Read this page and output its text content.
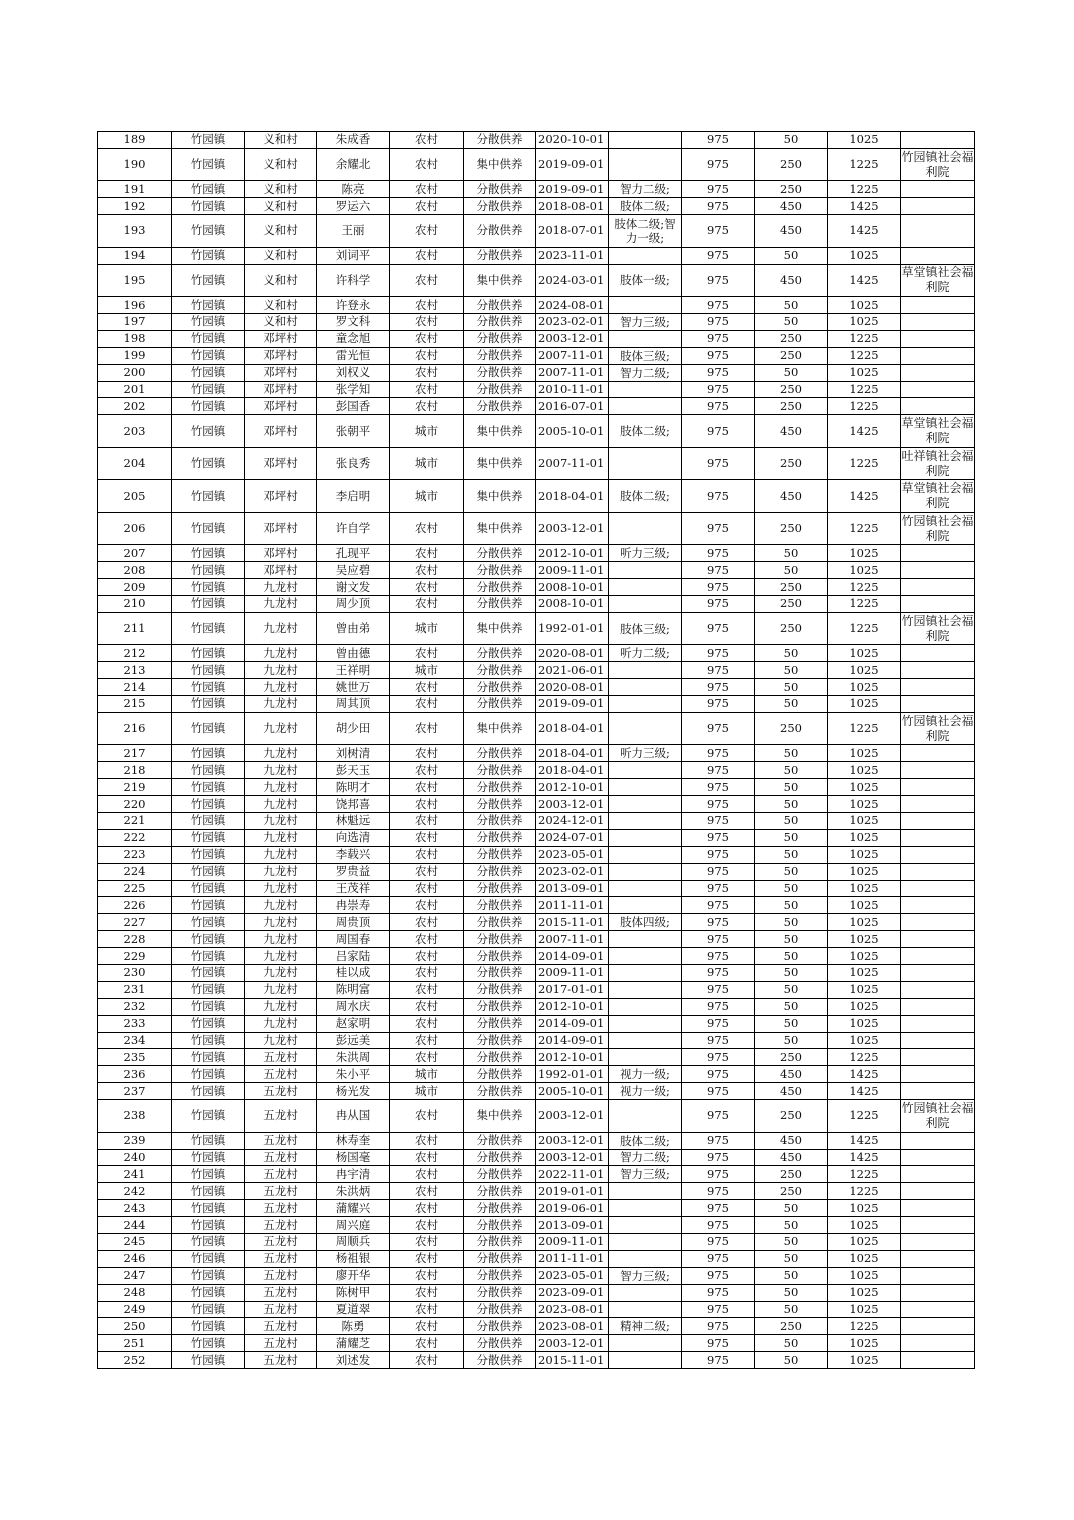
189	竹园镇	义和村	朱成香	农村	分散供养	2020-10-01		975	50	1025	
190	竹园镇	义和村	余耀北	农村	集中供养	2019-09-01		975	250	1225	竹园镇社会福利院
191	竹园镇	义和村	陈亮	农村	分散供养	2019-09-01	智力二级;	975	250	1225	
192	竹园镇	义和村	罗运六	农村	分散供养	2018-08-01	肢体二级;	975	450	1425	
193	竹园镇	义和村	王丽	农村	分散供养	2018-07-01	肢体二级;智力一级;	975	450	1425	
194	竹园镇	义和村	刘词平	农村	分散供养	2023-11-01		975	50	1025	
195	竹园镇	义和村	许科学	农村	集中供养	2024-03-01	肢体一级;	975	450	1425	草堂镇社会福利院
196	竹园镇	义和村	许登永	农村	分散供养	2024-08-01		975	50	1025	
197	竹园镇	义和村	罗文科	农村	分散供养	2023-02-01	智力三级;	975	50	1025	
198	竹园镇	邓坪村	童念旭	农村	分散供养	2003-12-01		975	250	1225	
199	竹园镇	邓坪村	雷光恒	农村	分散供养	2007-11-01	肢体三级;	975	250	1225	
200	竹园镇	邓坪村	刘权义	农村	分散供养	2007-11-01	智力二级;	975	50	1025	
201	竹园镇	邓坪村	张学知	农村	分散供养	2010-11-01		975	250	1225	
202	竹园镇	邓坪村	彭国香	农村	分散供养	2016-07-01		975	250	1225	
203	竹园镇	邓坪村	张朝平	城市	集中供养	2005-10-01	肢体二级;	975	450	1425	草堂镇社会福利院
204	竹园镇	邓坪村	张良秀	城市	集中供养	2007-11-01		975	250	1225	吐祥镇社会福利院
205	竹园镇	邓坪村	李启明	城市	集中供养	2018-04-01	肢体二级;	975	450	1425	草堂镇社会福利院
206	竹园镇	邓坪村	许自学	农村	集中供养	2003-12-01		975	250	1225	竹园镇社会福利院
207	竹园镇	邓坪村	孔现平	农村	分散供养	2012-10-01	听力三级;	975	50	1025	
208	竹园镇	邓坪村	吴应碧	农村	分散供养	2009-11-01		975	50	1025	
209	竹园镇	九龙村	谢文发	农村	分散供养	2008-10-01		975	250	1225	
210	竹园镇	九龙村	周少顶	农村	分散供养	2008-10-01		975	250	1225	
211	竹园镇	九龙村	曾由弟	城市	集中供养	1992-01-01	肢体三级;	975	250	1225	竹园镇社会福利院
212	竹园镇	九龙村	曾由德	农村	分散供养	2020-08-01	听力二级;	975	50	1025	
213	竹园镇	九龙村	王祥明	城市	分散供养	2021-06-01		975	50	1025	
214	竹园镇	九龙村	姚世万	农村	分散供养	2020-08-01		975	50	1025	
215	竹园镇	九龙村	周其顶	农村	分散供养	2019-09-01		975	50	1025	
216	竹园镇	九龙村	胡少田	农村	集中供养	2018-04-01		975	250	1225	竹园镇社会福利院
217	竹园镇	九龙村	刘树清	农村	分散供养	2018-04-01	听力三级;	975	50	1025	
218	竹园镇	九龙村	彭天玉	农村	分散供养	2018-04-01		975	50	1025	
219	竹园镇	九龙村	陈明才	农村	分散供养	2012-10-01		975	50	1025	
220	竹园镇	九龙村	饶邦喜	农村	分散供养	2003-12-01		975	50	1025	
221	竹园镇	九龙村	林魁远	农村	分散供养	2024-12-01		975	50	1025	
222	竹园镇	九龙村	向选清	农村	分散供养	2024-07-01		975	50	1025	
223	竹园镇	九龙村	李载兴	农村	分散供养	2023-05-01		975	50	1025	
224	竹园镇	九龙村	罗贵益	农村	分散供养	2023-02-01		975	50	1025	
225	竹园镇	九龙村	王茂祥	农村	分散供养	2013-09-01		975	50	1025	
226	竹园镇	九龙村	冉崇寿	农村	分散供养	2011-11-01		975	50	1025	
227	竹园镇	九龙村	周贵顶	农村	分散供养	2015-11-01	肢体四级;	975	50	1025	
228	竹园镇	九龙村	周国春	农村	分散供养	2007-11-01		975	50	1025	
229	竹园镇	九龙村	吕家陆	农村	分散供养	2014-09-01		975	50	1025	
230	竹园镇	九龙村	桂以成	农村	分散供养	2009-11-01		975	50	1025	
231	竹园镇	九龙村	陈明富	农村	分散供养	2017-01-01		975	50	1025	
232	竹园镇	九龙村	周水庆	农村	分散供养	2012-10-01		975	50	1025	
233	竹园镇	九龙村	赵家明	农村	分散供养	2014-09-01		975	50	1025	
234	竹园镇	九龙村	彭远美	农村	分散供养	2014-09-01		975	50	1025	
235	竹园镇	五龙村	朱洪周	农村	分散供养	2012-10-01		975	250	1225	
236	竹园镇	五龙村	朱小平	城市	分散供养	1992-01-01	视力一级;	975	450	1425	
237	竹园镇	五龙村	杨光发	城市	分散供养	2005-10-01	视力一级;	975	450	1425	
238	竹园镇	五龙村	冉从国	农村	集中供养	2003-12-01		975	250	1225	竹园镇社会福利院
239	竹园镇	五龙村	林寿奎	农村	分散供养	2003-12-01	肢体二级;	975	450	1425	
240	竹园镇	五龙村	杨国毫	农村	分散供养	2003-12-01	智力二级;	975	450	1425	
241	竹园镇	五龙村	冉宇清	农村	分散供养	2022-11-01	智力三级;	975	250	1225	
242	竹园镇	五龙村	朱洪炳	农村	分散供养	2019-01-01		975	250	1225	
243	竹园镇	五龙村	蒲耀兴	农村	分散供养	2019-06-01		975	50	1025	
244	竹园镇	五龙村	周兴庭	农村	分散供养	2013-09-01		975	50	1025	
245	竹园镇	五龙村	周顺兵	农村	分散供养	2009-11-01		975	50	1025	
246	竹园镇	五龙村	杨祖银	农村	分散供养	2011-11-01		975	50	1025	
247	竹园镇	五龙村	廖开华	农村	分散供养	2023-05-01	智力三级;	975	50	1025	
248	竹园镇	五龙村	陈树甲	农村	分散供养	2023-09-01		975	50	1025	
249	竹园镇	五龙村	夏道翠	农村	分散供养	2023-08-01		975	50	1025	
250	竹园镇	五龙村	陈勇	农村	分散供养	2023-08-01	精神二级;	975	250	1225	
251	竹园镇	五龙村	蒲耀芝	农村	分散供养	2003-12-01		975	50	1025	
252	竹园镇	五龙村	刘述发	农村	分散供养	2015-11-01		975	50	1025	
